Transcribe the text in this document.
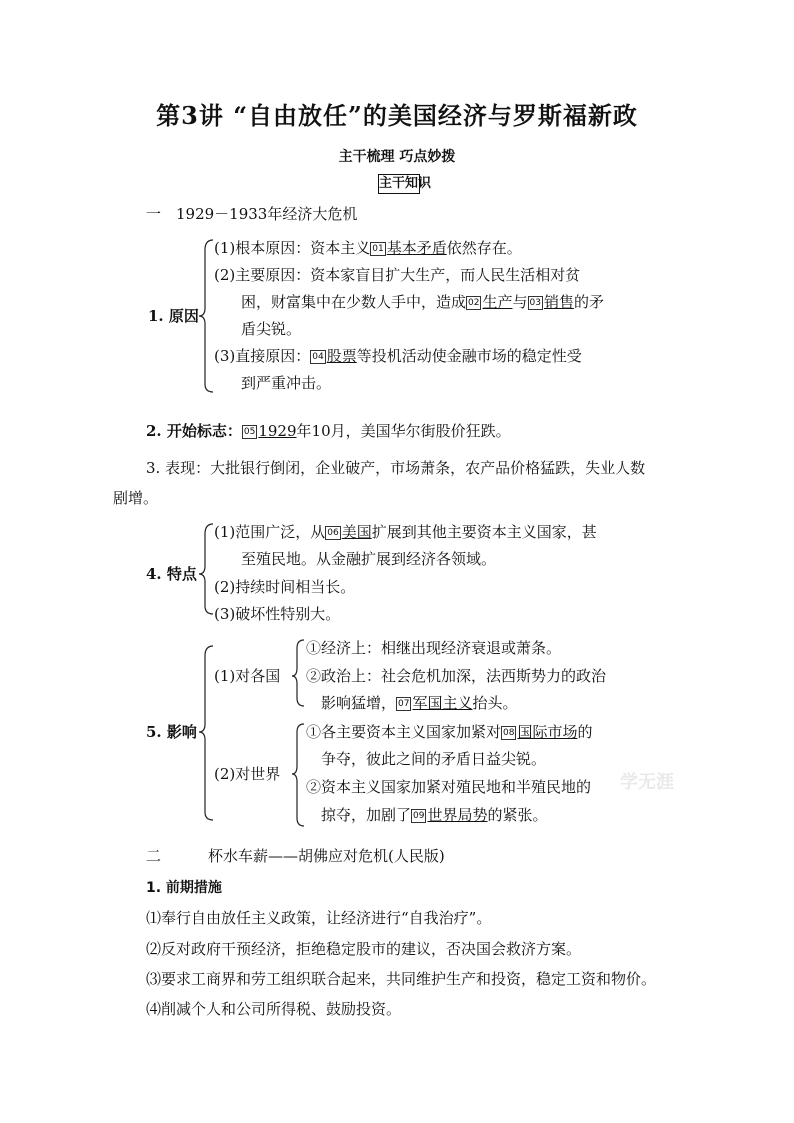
第3讲 “自由放任”的美国经济与罗斯福新政
主干梳理 巧点妙拨
主干知识
一　1929－1933年经济大危机
1. 原因
(1)根本原因：资本主义 01 基本矛盾依然存在。
(2)主要原因：资本家盲目扩大生产，而人民生活相对贫
困，财富集中在少数人手中，造成 02 生产与 03 销售的矛
盾尖锐。
(3)直接原因： 04 股票等投机活动使金融市场的稳定性受
到严重冲击。
2. 开始标志： 05 1929年10月，美国华尔街股价狂跌。
3. 表现：大批银行倒闭，企业破产，市场萧条，农产品价格猛跌，失业人数
剧增。
4. 特点
(1)范围广泛，从 06 美国扩展到其他主要资本主义国家，甚
至殖民地。从金融扩展到经济各领域。
(2)持续时间相当长。
(3)破坏性特别大。
5. 影响
(1)对各国
①经济上：相继出现经济衰退或萧条。
②政治上：社会危机加深，法西斯势力的政治
影响猛增， 07 军国主义抬头。
(2)对世界
①各主要资本主义国家加紧对 08 国际市场的
争夺，彼此之间的矛盾日益尖锐。
②资本主义国家加紧对殖民地和半殖民地的
掠夺，加剧了 09 世界局势的紧张。
学无涯
二	杯水车薪——胡佛应对危机(人民版)
1. 前期措施
⑴奉行自由放任主义政策，让经济进行“自我治疗”。
⑵反对政府干预经济，拒绝稳定股市的建议，否决国会救济方案。
⑶要求工商界和劳工组织联合起来，共同维护生产和投资，稳定工资和物价。
⑷削减个人和公司所得税、鼓励投资。
